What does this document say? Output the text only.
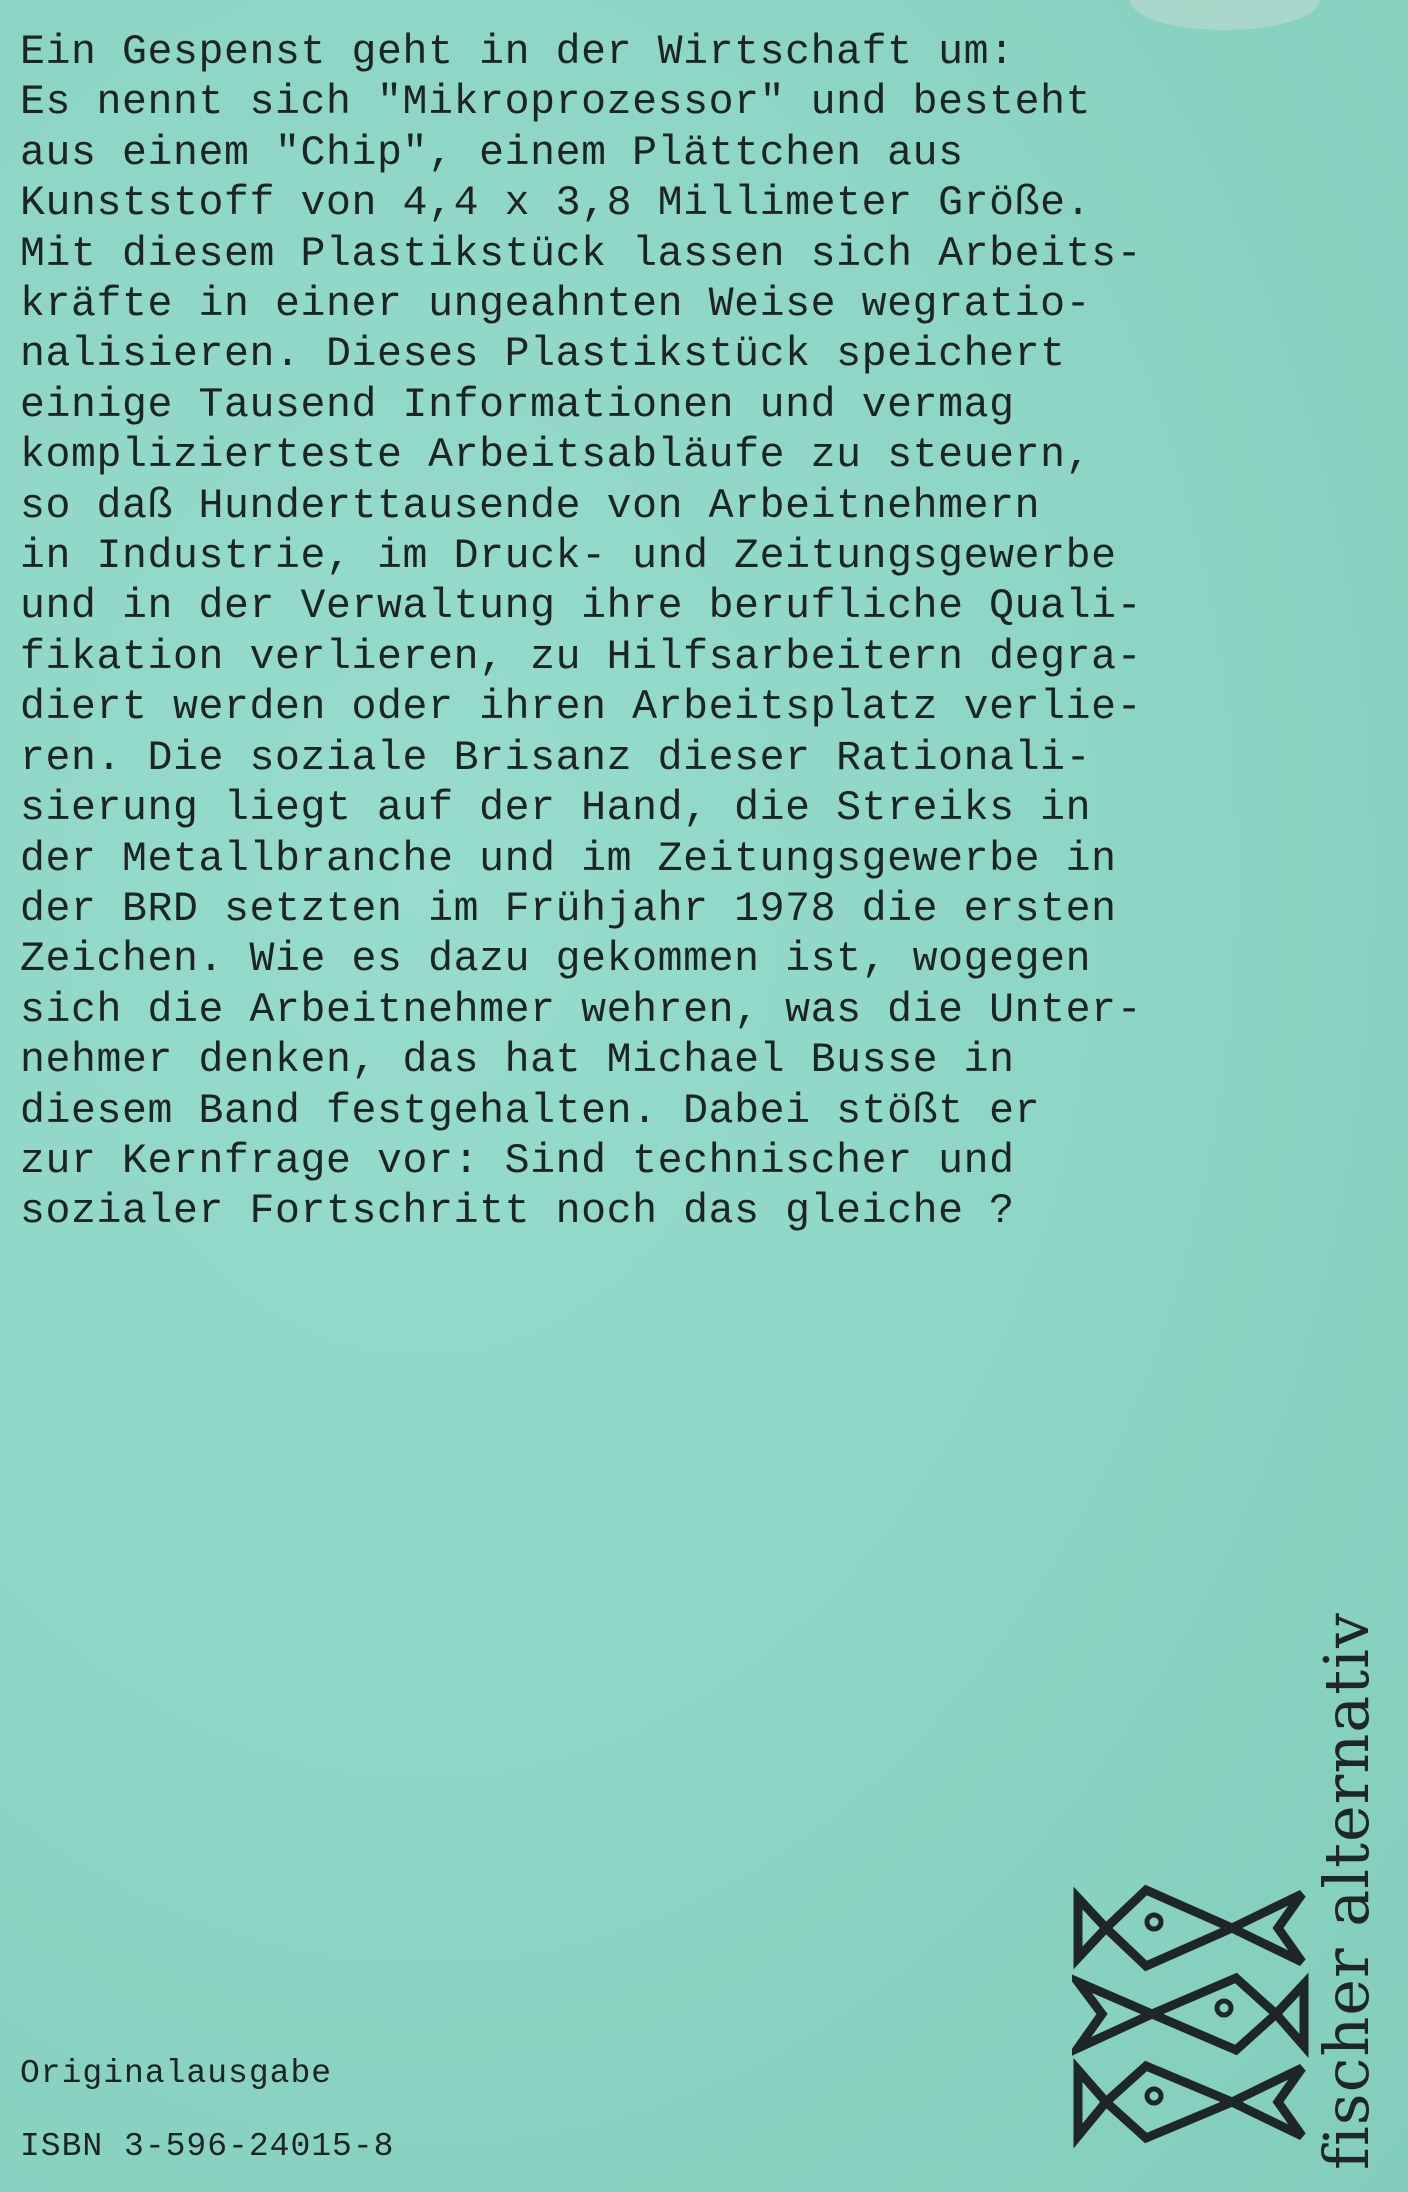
Ein Gespenst geht in der Wirtschaft um:
Es nennt sich "Mikroprozessor" und besteht
aus einem "Chip", einem Plättchen aus
Kunststoff von 4,4 x 3,8 Millimeter Größe.
Mit diesem Plastikstück lassen sich Arbeits-
kräfte in einer ungeahnten Weise wegratio-
nalisieren. Dieses Plastikstück speichert
einige Tausend Informationen und vermag
komplizierteste Arbeitsabläufe zu steuern,
so daß Hunderttausende von Arbeitnehmern
in Industrie, im Druck- und Zeitungsgewerbe
und in der Verwaltung ihre berufliche Quali-
fikation verlieren, zu Hilfsarbeitern degra-
diert werden oder ihren Arbeitsplatz verlie-
ren. Die soziale Brisanz dieser Rationali-
sierung liegt auf der Hand, die Streiks in
der Metallbranche und im Zeitungsgewerbe in
der BRD setzten im Frühjahr 1978 die ersten
Zeichen. Wie es dazu gekommen ist, wogegen
sich die Arbeitnehmer wehren, was die Unter-
nehmer denken, das hat Michael Busse in
diesem Band festgehalten. Dabei stößt er
zur Kernfrage vor: Sind technischer und
sozialer Fortschritt noch das gleiche ?
Originalausgabe
ISBN 3-596-24015-8	fischer alternativ
